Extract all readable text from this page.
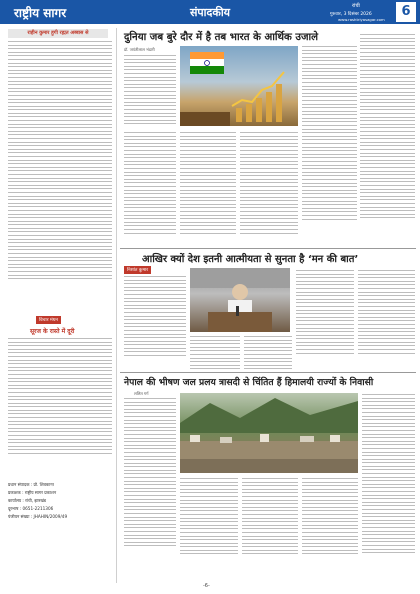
राष्ट्रीय सागर	संपादकीय	रांची
गुरुवार, 3 दिसंबर 2026
www.rashtriyasagar.com
6
राहीन कुमार हुगी रह्मत अब्बास से
विचार मंथन
सूरज के रास्ते में दूरी
प्रधान संपादक : प्रो. शिवकान्त
प्रकाशक : राष्ट्रीय सागर प्रकाशन
कार्यालय : रांची, झारखंड
दूरभाष : 0651-2211306
पंजीयन संख्या : JHAHIN/2009/49
दुनिया जब बुरे दौर में है तब भारत के आर्थिक उजाले
डॉ. जयंतीलाल भंडारी
आखिर क्यों देश इतनी आत्मीयता से सुनता है ‘मन की बात’
निशांत कुमार
नेपाल की भीषण जल प्रलय त्रासदी से चिंतित हैं हिमालयी राज्यों के निवासी
ललित गर्ग
-6-
